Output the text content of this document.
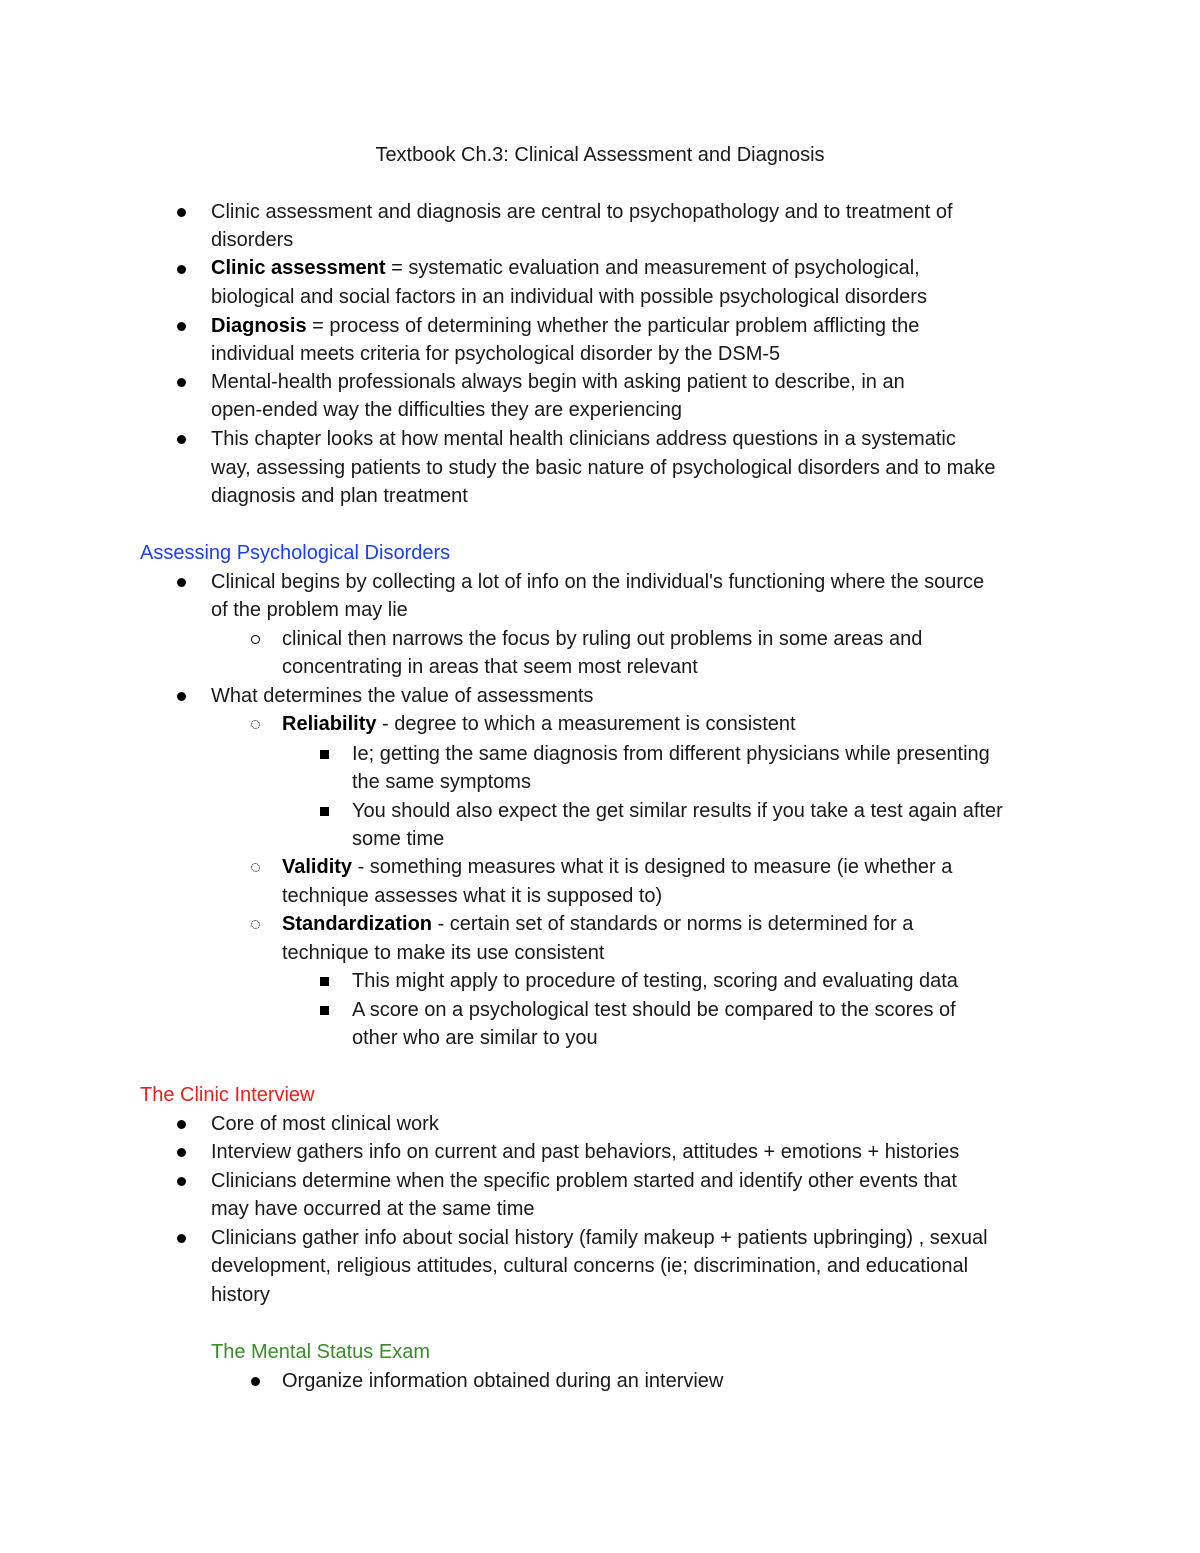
Textbook Ch.3: Clinical Assessment and Diagnosis
Clinic assessment and diagnosis are central to psychopathology and to treatment of
disorders
Clinic assessment = systematic evaluation and measurement of psychological,
biological and social factors in an individual with possible psychological disorders
Diagnosis = process of determining whether the particular problem afflicting the
individual meets criteria for psychological disorder by the DSM-5
Mental-health professionals always begin with asking patient to describe, in an
open-ended way the difficulties they are experiencing
This chapter looks at how mental health clinicians address questions in a systematic
way, assessing patients to study the basic nature of psychological disorders and to make
diagnosis and plan treatment
Assessing Psychological Disorders
Clinical begins by collecting a lot of info on the individual's functioning where the source
of the problem may lie
clinical then narrows the focus by ruling out problems in some areas and
concentrating in areas that seem most relevant
What determines the value of assessments
Reliability - degree to which a measurement is consistent
Ie; getting the same diagnosis from different physicians while presenting
the same symptoms
You should also expect the get similar results if you take a test again after
some time
Validity - something measures what it is designed to measure (ie whether a
technique assesses what it is supposed to)
Standardization - certain set of standards or norms is determined for a
technique to make its use consistent
This might apply to procedure of testing, scoring and evaluating data
A score on a psychological test should be compared to the scores of
other who are similar to you
The Clinic Interview
Core of most clinical work
Interview gathers info on current and past behaviors, attitudes + emotions + histories
Clinicians determine when the specific problem started and identify other events that
may have occurred at the same time
Clinicians gather info about social history (family makeup + patients upbringing) , sexual
development, religious attitudes, cultural concerns (ie; discrimination, and educational
history
The Mental Status Exam
Organize information obtained during an interview
